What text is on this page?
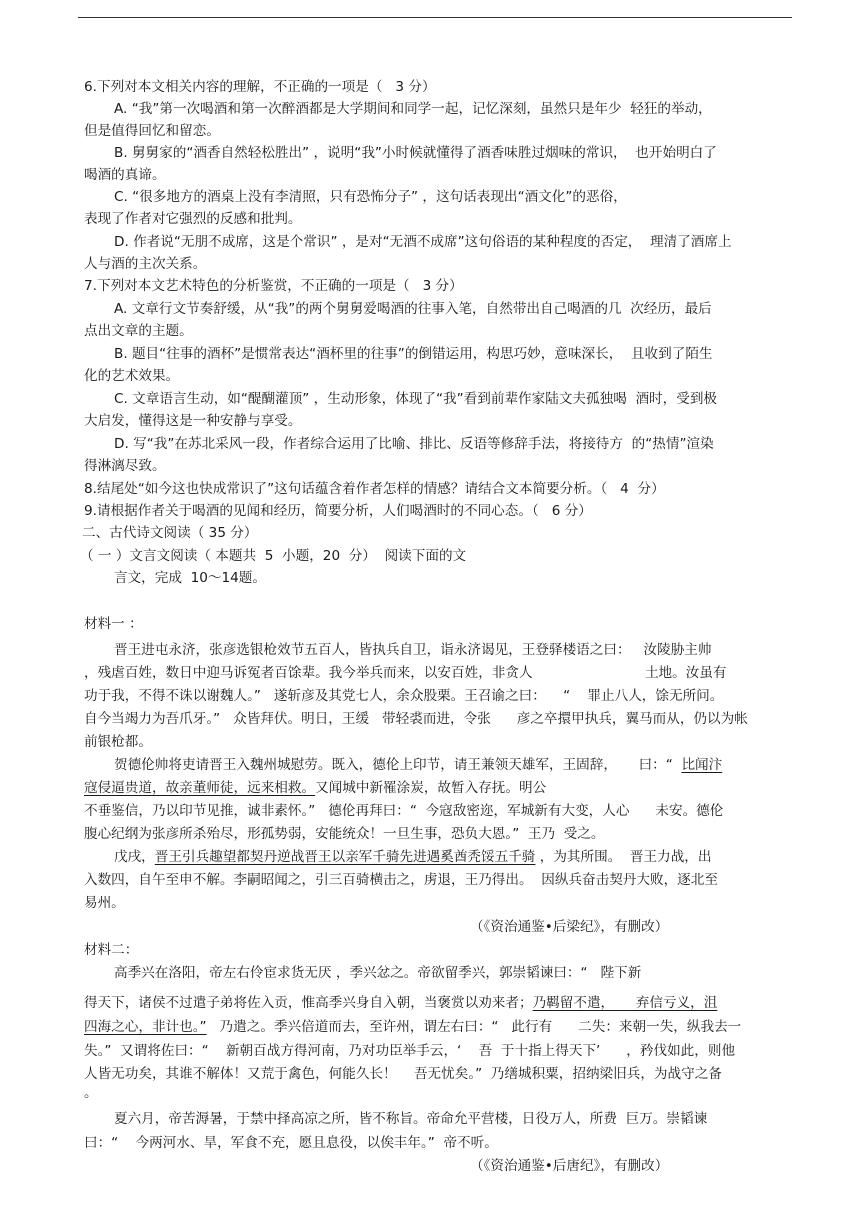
6.下列对本文相关内容的理解，不正确的一项是（   3 分）
A. “我”第一次喝酒和第一次醉酒都是大学期间和同学一起，记忆深刻，虽然只是年少  轻狂的举动，
但是值得回忆和留恋。
B. 舅舅家的“酒香自然轻松胜出” ，说明“我”小时候就懂得了酒香味胜过烟味的常识，  也开始明白了
喝酒的真谛。
C. “很多地方的酒桌上没有李清照，只有恐怖分子” ，这句话表现出“酒文化”的恶俗，
表现了作者对它强烈的反感和批判。
D. 作者说“无朋不成席，这是个常识” ，是对“无酒不成席”这句俗语的某种程度的否定，  理清了酒席上
人与酒的主次关系。
7.下列对本文艺术特色的分析鉴赏，不正确的一项是（   3 分）
A. 文章行文节奏舒缓，从“我”的两个舅舅爱喝酒的往事入笔，自然带出自己喝酒的几  次经历，最后
点出文章的主题。
B. 题目“往事的酒杯”是惯常表达“酒杯里的往事”的倒错运用，构思巧妙，意味深长，  且收到了陌生
化的艺术效果。
C. 文章语言生动，如“醍醐灌顶” ，生动形象，体现了“我”看到前辈作家陆文夫孤独喝  酒时，受到极
大启发，懂得这是一种安静与享受。
D. 写“我”在苏北采风一段，作者综合运用了比喻、排比、反语等修辞手法，将接待方  的“热情”渲染
得淋漓尽致。
8.结尾处“如今这也快成常识了”这句话蕴含着作者怎样的情感？请结合文本简要分析。（   4  分）
9.请根据作者关于喝酒的见闻和经历，简要分析，人们喝酒时的不同心态。（   6 分）
二、古代诗文阅读（ 35 分）
（ 一 ）文言文阅读（ 本题共  5  小题，20  分）  阅读下面的文
言文，完成  10～14题。
材料一 ：
晋王进屯永济，张彦选银枪效节五百人，皆执兵自卫，诣永济谒见，王登驿楼语之曰：   汝陵胁主帅
，残虐百姓，数日中迎马诉冤者百馀辈。我今举兵而来，以安百姓，非贪人                          土地。汝虽有
功于我，不得不诛以谢魏人。”   遂斩彦及其党七人，余众股栗。王召谕之曰：    “    罪止八人，馀无所问。
自今当竭力为吾爪牙。”   众皆拜伏。明日，王缓   带轻裘而进，令张      彦之卒擐甲执兵，翼马而从，仍以为帐
前银枪都。
贺德伦帅将吏请晋王入魏州城慰劳。既入，德伦上印节，请王兼领天雄军，王固辞，     曰：“  比闻汴
寇侵逼贵道，故亲董师徒，远来相救。又闻城中新罹涂炭，故暂入存抚。明公
不垂鉴信，乃以印节见推，诚非素怀。”   德伦再拜曰：“  今寇敌密迩，军城新有大变，人心      未安。德伦
腹心纪纲为张彦所杀殆尽，形孤势弱，安能统众！一旦生事，恐负大恩。”  王乃  受之。
戊戌，晋王引兵趣望都契丹逆战晋王以亲军千骑先进遇奚酋秃馁五千骑 ，为其所围。  晋王力战，出
入数四，自午至申不解。李嗣昭闻之，引三百骑横击之，虏退，王乃得出。  因纵兵奋击契丹大败，逐北至
易州。
（《资治通鉴•后梁纪》，有删改）
材料二：
高季兴在洛阳，帝左右伶宦求货无厌 ，季兴忿之。帝欲留季兴，郭崇韬谏曰：“   陛下新
得天下，诸侯不过遣子弟将佐入贡，惟高季兴身自入朝，当褒赏以劝来者；乃羁留不遣，     弃信亏义，沮
四海之心，非计也。”   乃遣之。季兴倍道而去，至许州，谓左右曰：“   此行有      二失：来朝一失，纵我去一
失。”  又谓将佐曰：“    新朝百战方得河南，乃对功臣举手云，‘    吾  于十指上得天下’      ，矜伐如此，则他
人皆无功矣，其谁不解体！又荒于禽色，何能久长！    吾无忧矣。”  乃缮城积粟，招纳梁旧兵，为战守之备
。
夏六月，帝苦溽暑，于禁中择高凉之所，皆不称旨。帝命允平营楼，日役万人，所费  巨万。崇韬谏
曰：“    今两河水、旱，军食不充，愿且息役，以俟丰年。”  帝不听。
（《资治通鉴•后唐纪》，有删改）
